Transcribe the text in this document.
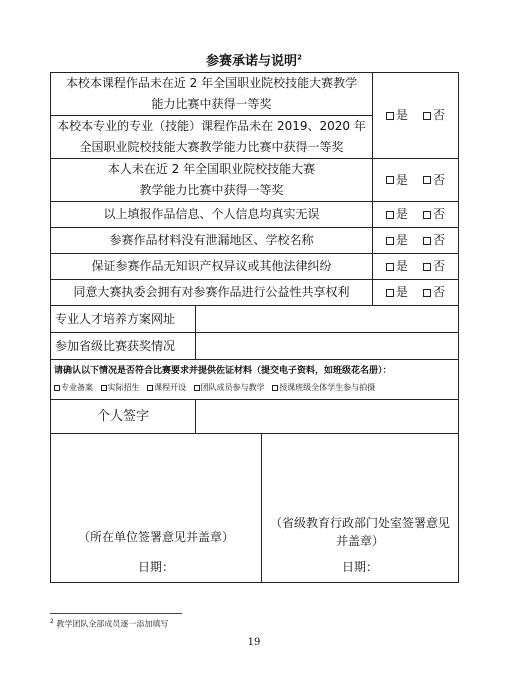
参赛承诺与说明$^2$
本校本课程作品未在近 2 年全国职业院校技能大赛教学
能力比赛中获得一等奖
	是 否

本校本专业的专业（技能）课程作品未在 2019、2020 年
全国职业院校技能大赛教学能力比赛中获得一等奖

本人未在近 2 年全国职业院校技能大赛
教学能力比赛中获得一等奖
	是 否
以上填报作品信息、个人信息均真实无误	是 否
参赛作品材料没有泄漏地区、学校名称	是 否
保证参赛作品无知识产权异议或其他法律纠纷	是 否
同意大赛执委会拥有对参赛作品进行公益性共享权利	是 否

专业人才培养方案网址	

参加省级比赛获奖情况	

请确认以下情况是否符合比赛要求并提供佐证材料（提交电子资料，如班级花名册）：
专业备案 实际招生 课程开设 团队成员参与教学 授课班级全体学生参与拍摄

个人签字	

（所在单位签署意见并盖章）
日期：

（省级教育行政部门处室签署意见
并盖章）
日期：
$^2$ 教学团队全部成员逐一添加填写
19
